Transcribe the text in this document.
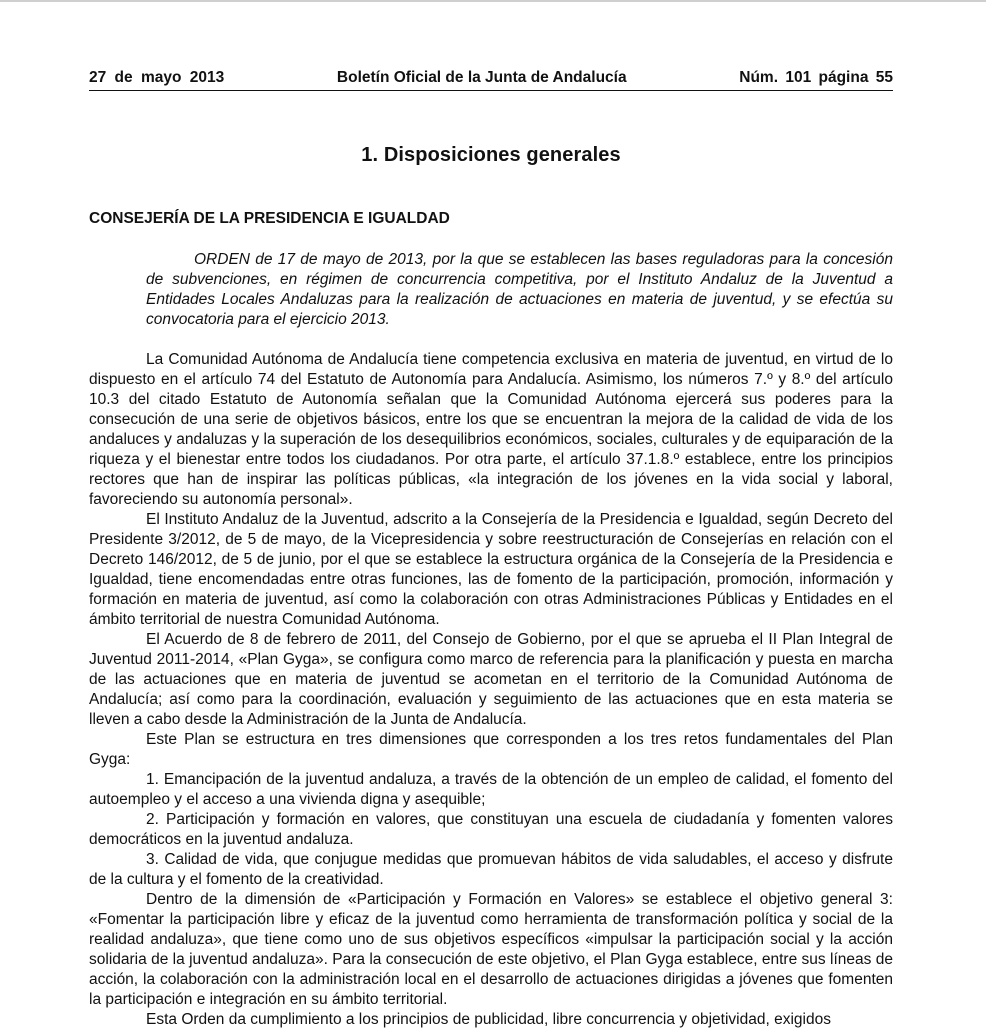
27 de mayo 2013	Boletín Oficial de la Junta de Andalucía	Núm. 101 página 55
1. Disposiciones generales
CONSEJERÍA DE LA PRESIDENCIA E IGUALDAD
ORDEN de 17 de mayo de 2013, por la que se establecen las bases reguladoras para la concesión de subvenciones, en régimen de concurrencia competitiva, por el Instituto Andaluz de la Juventud a Entidades Locales Andaluzas para la realización de actuaciones en materia de juventud, y se efectúa su convocatoria para el ejercicio 2013.

La Comunidad Autónoma de Andalucía tiene competencia exclusiva en materia de juventud, en virtud de lo dispuesto en el artículo 74 del Estatuto de Autonomía para Andalucía. Asimismo, los números 7.º y 8.º del artículo 10.3 del citado Estatuto de Autonomía señalan que la Comunidad Autónoma ejercerá sus poderes para la consecución de una serie de objetivos básicos, entre los que se encuentran la mejora de la calidad de vida de los andaluces y andaluzas y la superación de los desequilibrios económicos, sociales, culturales y de equiparación de la riqueza y el bienestar entre todos los ciudadanos. Por otra parte, el artículo 37.1.8.º establece, entre los principios rectores que han de inspirar las políticas públicas, «la integración de los jóvenes en la vida social y laboral, favoreciendo su autonomía personal».

El Instituto Andaluz de la Juventud, adscrito a la Consejería de la Presidencia e Igualdad, según Decreto del Presidente 3/2012, de 5 de mayo, de la Vicepresidencia y sobre reestructuración de Consejerías en relación con el Decreto 146/2012, de 5 de junio, por el que se establece la estructura orgánica de la Consejería de la Presidencia e Igualdad, tiene encomendadas entre otras funciones, las de fomento de la participación, promoción, información y formación en materia de juventud, así como la colaboración con otras Administraciones Públicas y Entidades en el ámbito territorial de nuestra Comunidad Autónoma.

El Acuerdo de 8 de febrero de 2011, del Consejo de Gobierno, por el que se aprueba el II Plan Integral de Juventud 2011-2014, «Plan Gyga», se configura como marco de referencia para la planificación y puesta en marcha de las actuaciones que en materia de juventud se acometan en el territorio de la Comunidad Autónoma de Andalucía; así como para la coordinación, evaluación y seguimiento de las actuaciones que en esta materia se lleven a cabo desde la Administración de la Junta de Andalucía.

Este Plan se estructura en tres dimensiones que corresponden a los tres retos fundamentales del Plan Gyga:

1. Emancipación de la juventud andaluza, a través de la obtención de un empleo de calidad, el fomento del autoempleo y el acceso a una vivienda digna y asequible;

2. Participación y formación en valores, que constituyan una escuela de ciudadanía y fomenten valores democráticos en la juventud andaluza.

3. Calidad de vida, que conjugue medidas que promuevan hábitos de vida saludables, el acceso y disfrute de la cultura y el fomento de la creatividad.

Dentro de la dimensión de «Participación y Formación en Valores» se establece el objetivo general 3: «Fomentar la participación libre y eficaz de la juventud como herramienta de transformación política y social de la realidad andaluza», que tiene como uno de sus objetivos específicos «impulsar la participación social y la acción solidaria de la juventud andaluza». Para la consecución de este objetivo, el Plan Gyga establece, entre sus líneas de acción, la colaboración con la administración local en el desarrollo de actuaciones dirigidas a jóvenes que fomenten la participación e integración en su ámbito territorial.

Esta Orden da cumplimiento a los principios de publicidad, libre concurrencia y objetividad, exigidos
